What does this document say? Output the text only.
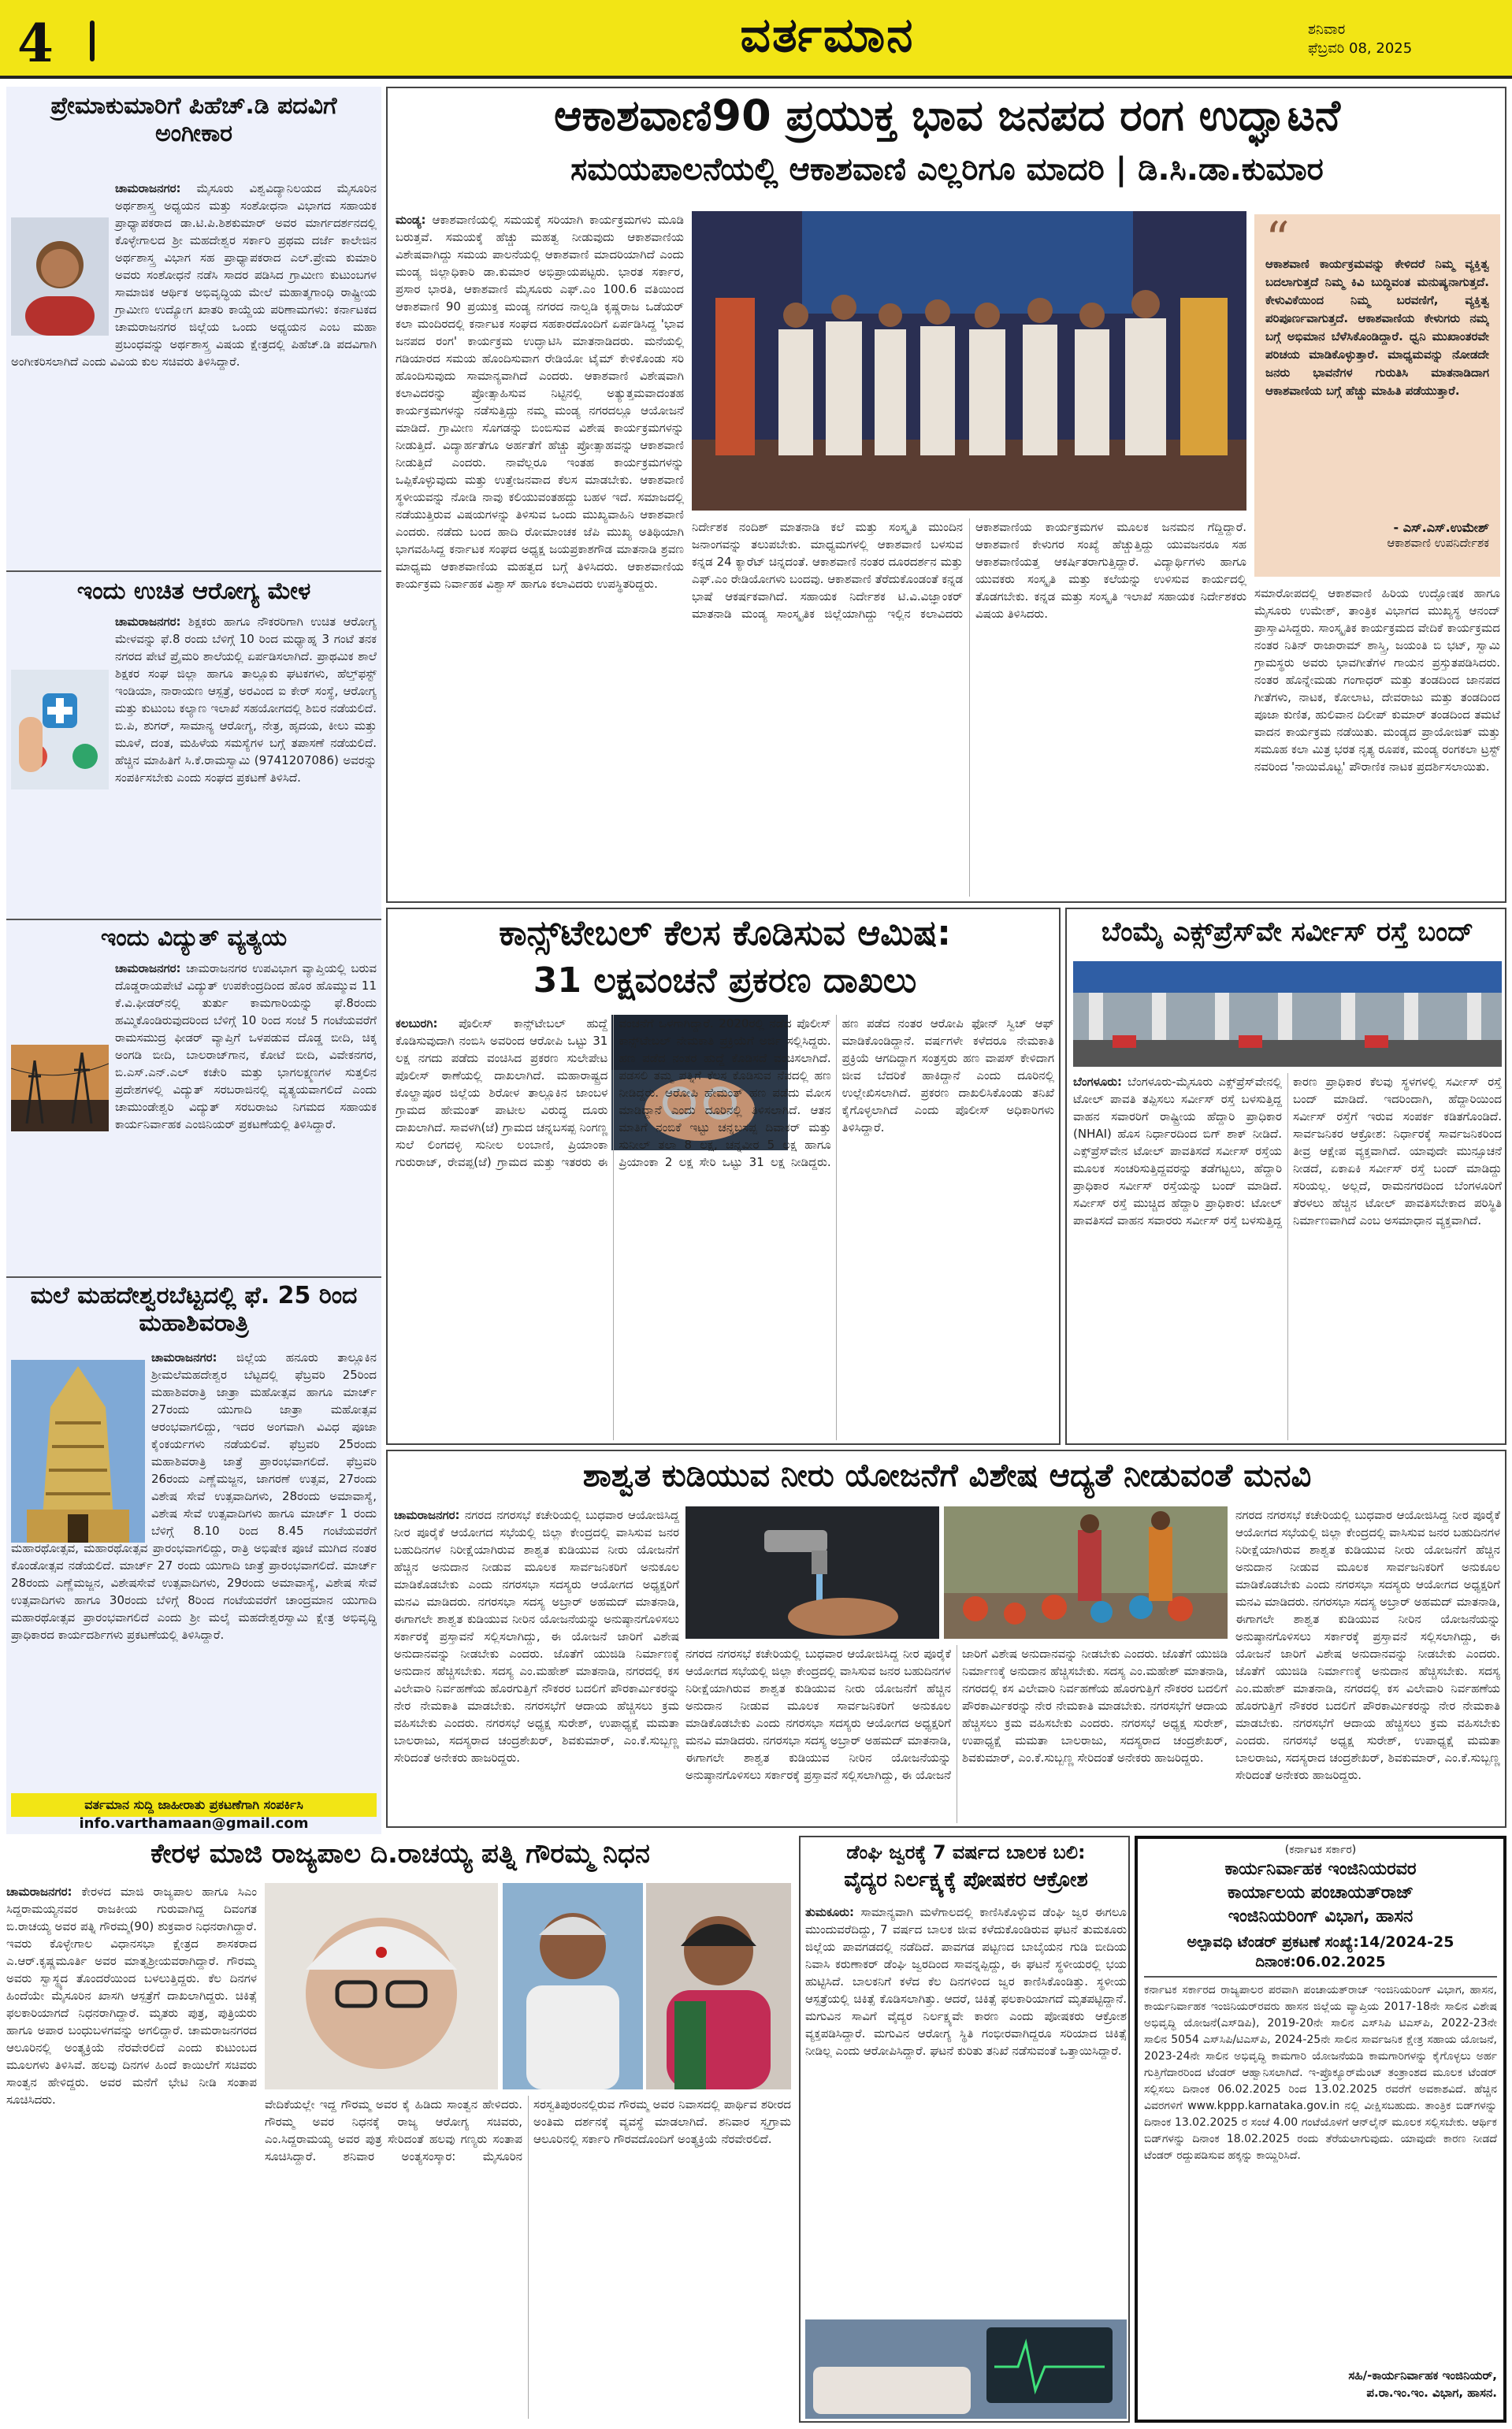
4	ವರ್ತಮಾನ	ಶನಿವಾರ
ಫೆಬ್ರವರಿ 08, 2025
ಪ್ರೇಮಾಕುಮಾರಿಗೆ ಪಿಹೆಚ್.ಡಿ ಪದವಿಗೆ ಅಂಗೀಕಾರ
ಚಾಮರಾಜನಗರ: ಮೈಸೂರು ವಿಶ್ವವಿದ್ಯಾನಿಲಯದ ಮೈಸೂರಿನ ಅರ್ಥಶಾಸ್ತ್ರ ಅಧ್ಯಯನ ಮತ್ತು ಸಂಶೋಧನಾ ವಿಭಾಗದ ಸಹಾಯಕ ಪ್ರಾಧ್ಯಾಪಕರಾದ ಡಾ.ಟಿ.ಪಿ.ಶಿಶಕುಮಾರ್ ಅವರ ಮಾರ್ಗದರ್ಶನದಲ್ಲಿ ಕೊಳ್ಳೇಗಾಲದ ಶ್ರೀ ಮಹದೇಶ್ವರ ಸರ್ಕಾರಿ ಪ್ರಥಮ ದರ್ಜೆ ಕಾಲೇಜಿನ ಅರ್ಥಶಾಸ್ತ್ರ ವಿಭಾಗ ಸಹ ಪ್ರಾಧ್ಯಾಪಕರಾದ ಎಲ್.ಪ್ರೇಮ ಕುಮಾರಿ ಅವರು ಸಂಶೋಧನೆ ನಡೆಸಿ ಸಾದರ ಪಡಿಸಿದ ಗ್ರಾಮೀಣ ಕುಟುಂಬಗಳ ಸಾಮಾಜಿಕ ಆರ್ಥಿಕ ಅಭಿವೃದ್ಧಿಯ ಮೇಲೆ ಮಹಾತ್ಮಗಾಂಧಿ ರಾಷ್ಟ್ರೀಯ ಗ್ರಾಮೀಣ ಉದ್ಯೋಗ ಖಾತರಿ ಕಾಯ್ದೆಯ ಪರಿಣಾಮಗಳು: ಕರ್ನಾಟಕದ ಚಾಮರಾಜನಗರ ಜಿಲ್ಲೆಯ ಒಂದು ಅಧ್ಯಯನ ಎಂಬ ಮಹಾ ಪ್ರಬಂಧವನ್ನು ಅರ್ಥಶಾಸ್ತ್ರ ವಿಷಯ ಕ್ಷೇತ್ರದಲ್ಲಿ ಪಿಹೆಚ್.ಡಿ ಪದವಿಗಾಗಿ ಅಂಗೀಕರಿಸಲಾಗಿದೆ ಎಂದು ವಿವಿಯ ಕುಲ ಸಚಿವರು ತಿಳಿಸಿದ್ದಾರೆ.
ಇಂದು ಉಚಿತ ಆರೋಗ್ಯ ಮೇಳ
ಚಾಮರಾಜನಗರ: ಶಿಕ್ಷಕರು ಹಾಗೂ ನೌಕರರಿಗಾಗಿ ಉಚಿತ ಆರೋಗ್ಯ ಮೇಳವನ್ನು ಫೆ.8 ರಂದು ಬೆಳಿಗ್ಗೆ 10 ರಿಂದ ಮಧ್ಯಾಹ್ನ 3 ಗಂಟೆ ತನಕ ನಗರದ ಪೇಟೆ ಪ್ರೈಮರಿ ಶಾಲೆಯಲ್ಲಿ ಏರ್ಪಡಿಸಲಾಗಿದೆ. ಪ್ರಾಥಮಿಕ ಶಾಲೆ ಶಿಕ್ಷಕರ ಸಂಘ ಜಿಲ್ಲಾ ಹಾಗೂ ತಾಲ್ಲೂಕು ಘಟಕಗಳು, ಹೆಲ್ತ್‌ಫಸ್ಟ್ ಇಂಡಿಯಾ, ನಾರಾಯಣ ಆಸ್ಪತ್ರೆ, ಅರವಿಂದ ಐ ಕೇರ್ ಸಂಸ್ಥೆ, ಆರೋಗ್ಯ ಮತ್ತು ಕುಟುಂಬ ಕಲ್ಯಾಣ ಇಲಾಖೆ ಸಹಯೋಗದಲ್ಲಿ ಶಿಬಿರ ನಡೆಯಲಿದೆ. ಬಿ.ಪಿ, ಶುಗರ್, ಸಾಮಾನ್ಯ ಆರೋಗ್ಯ, ನೇತ್ರ, ಹೃದಯ, ಕೀಲು ಮತ್ತು ಮೂಳೆ, ದಂತ, ಮಹಿಳೆಯ ಸಮಸ್ಯೆಗಳ ಬಗ್ಗೆ ತಪಾಸಣೆ ನಡೆಯಲಿದೆ. ಹೆಚ್ಚಿನ ಮಾಹಿತಿಗೆ ಸಿ.ಕೆ.ರಾಮಸ್ವಾಮಿ (9741207086) ಅವರನ್ನು ಸಂಪರ್ಕಿಸಬೇಕು ಎಂದು ಸಂಘದ ಪ್ರಕಟಣೆ ತಿಳಿಸಿದೆ.
ಇಂದು ವಿದ್ಯುತ್ ವ್ಯತ್ಯಯ
ಚಾಮರಾಜನಗರ: ಚಾಮರಾಜನಗರ ಉಪವಿಭಾಗ ವ್ಯಾಪ್ತಿಯಲ್ಲಿ ಬರುವ ದೊಡ್ಡರಾಯಪೇಟೆ ವಿದ್ಯುತ್ ಉಪಕೇಂದ್ರದಿಂದ ಹೊರ ಹೊಮ್ಮುವ 11 ಕೆ.ವಿ.ಫೀಡರ್‌ನಲ್ಲಿ ತುರ್ತು ಕಾಮಗಾರಿಯನ್ನು ಫೆ.8ರಂದು ಹಮ್ಮಿಕೊಂಡಿರುವುದರಿಂದ ಬೆಳಿಗ್ಗೆ 10 ರಿಂದ ಸಂಜೆ 5 ಗಂಟೆಯವರೆಗೆ ರಾಮಸಮುದ್ರ ಫೀಡರ್ ವ್ಯಾಪ್ತಿಗೆ ಒಳಪಡುವ ದೊಡ್ಡ ಬೀದಿ, ಚಿಕ್ಕ ಅಂಗಡಿ ಬೀದಿ, ಬಾಲರಾಜ್‌ಗಾನ, ಕೋಟೆ ಬೀದಿ, ವಿವೇಕನಗರ, ಬಿ.ಎಸ್.ಎನ್.ಎಲ್ ಕಚೇರಿ ಮತ್ತು ಭಾಗಲಕ್ಷ್ಮಣಗಳ ಸುತ್ತಲಿನ ಪ್ರದೇಶಗಳಲ್ಲಿ ವಿದ್ಯುತ್ ಸರಬರಾಜಿನಲ್ಲಿ ವ್ಯತ್ಯಯವಾಗಲಿದೆ ಎಂದು ಚಾಮುಂಡೇಶ್ವರಿ ವಿದ್ಯುತ್ ಸರಬರಾಜು ನಿಗಮದ ಸಹಾಯಕ ಕಾರ್ಯನಿರ್ವಾಹಕ ಎಂಜಿನಿಯರ್ ಪ್ರಕಟಣೆಯಲ್ಲಿ ತಿಳಿಸಿದ್ದಾರೆ.
ಮಲೆ ಮಹದೇಶ್ವರಬೆಟ್ಟದಲ್ಲಿ ಫೆ. 25 ರಿಂದ ಮಹಾಶಿವರಾತ್ರಿ
ಚಾಮರಾಜನಗರ: ಜಿಲ್ಲೆಯ ಹನೂರು ತಾಲ್ಲೂಕಿನ ಶ್ರೀಮಲೆಮಹದೇಶ್ವರ ಬೆಟ್ಟದಲ್ಲಿ ಫೆಬ್ರವರಿ 25ರಿಂದ ಮಹಾಶಿವರಾತ್ರಿ ಜಾತ್ರಾ ಮಹೋತ್ಸವ ಹಾಗೂ ಮಾರ್ಚ್ 27ರಂದು ಯುಗಾದಿ ಜಾತ್ರಾ ಮಹೋತ್ಸವ ಆರಂಭವಾಗಲಿದ್ದು, ಇದರ ಅಂಗವಾಗಿ ವಿವಿಧ ಪೂಜಾ ಕೈಂಕರ್ಯಗಳು ನಡೆಯಲಿವೆ. ಫೆಬ್ರವರಿ 25ರಂದು ಮಹಾಶಿವರಾತ್ರಿ ಜಾತ್ರೆ ಪ್ರಾರಂಭವಾಗಲಿದೆ. ಫೆಬ್ರವರಿ 26ರಂದು ಎಣ್ಣೆಮಜ್ಜನ, ಜಾಗರಣೆ ಉತ್ಸವ, 27ರಂದು ವಿಶೇಷ ಸೇವೆ ಉತ್ಸವಾದಿಗಳು, 28ರಂದು ಅಮಾವಾಸ್ಯೆ, ವಿಶೇಷ ಸೇವೆ ಉತ್ಸವಾದಿಗಳು ಹಾಗೂ ಮಾರ್ಚ್ 1 ರಂದು ಬೆಳಿಗ್ಗೆ 8.10 ರಿಂದ 8.45 ಗಂಟೆಯವರೆಗೆ ಮಹಾರಥೋತ್ಸವ, ಮಹಾರಥೋತ್ಸವ ಪ್ರಾರಂಭವಾಗಲಿದ್ದು, ರಾತ್ರಿ ಅಭಿಷೇಕ ಪೂಜೆ ಮುಗಿದ ನಂತರ ಕೊಂಡೋತ್ಸವ ನಡೆಯಲಿದೆ. ಮಾರ್ಚ್ 27 ರಂದು ಯುಗಾದಿ ಜಾತ್ರೆ ಪ್ರಾರಂಭವಾಗಲಿದೆ. ಮಾರ್ಚ್ 28ರಂದು ಎಣ್ಣೆಮಜ್ಜನ, ವಿಶೇಷಸೇವೆ ಉತ್ಸವಾದಿಗಳು, 29ರಂದು ಅಮಾವಾಸ್ಯೆ, ವಿಶೇಷ ಸೇವೆ ಉತ್ಸವಾದಿಗಳು ಹಾಗೂ 30ರಂದು ಬೆಳಿಗ್ಗೆ 8ರಿಂದ ಗಂಟೆಯವರೆಗೆ ಚಾಂದ್ರಮಾನ ಯುಗಾದಿ ಮಹಾರಥೋತ್ಸವ ಪ್ರಾರಂಭವಾಗಲಿದೆ ಎಂದು ಶ್ರೀ ಮಲೈ ಮಹದೇಶ್ವರಸ್ವಾಮಿ ಕ್ಷೇತ್ರ ಅಭಿವೃದ್ಧಿ ಪ್ರಾಧಿಕಾರದ ಕಾರ್ಯದರ್ಶಿಗಳು ಪ್ರಕಟಣೆಯಲ್ಲಿ ತಿಳಿಸಿದ್ದಾರೆ.
ವರ್ತಮಾನ ಸುದ್ದಿ ಜಾಹೀರಾತು ಪ್ರಕಟಣೆಗಾಗಿ ಸಂಪರ್ಕಿಸಿ
info.varthamaan@gmail.com
ಆಕಾಶವಾಣಿ90 ಪ್ರಯುಕ್ತ ಭಾವ ಜನಪದ ರಂಗ ಉದ್ಘಾಟನೆ
ಸಮಯಪಾಲನೆಯಲ್ಲಿ ಆಕಾಶವಾಣಿ ಎಲ್ಲರಿಗೂ ಮಾದರಿ | ಡಿ.ಸಿ.ಡಾ.ಕುಮಾರ
ಮಂಡ್ಯ: ಆಕಾಶವಾಣಿಯಲ್ಲಿ ಸಮಯಕ್ಕೆ ಸರಿಯಾಗಿ ಕಾರ್ಯಕ್ರಮಗಳು ಮೂಡಿ ಬರುತ್ತವೆ. ಸಮಯಕ್ಕೆ ಹೆಚ್ಚು ಮಹತ್ವ ನೀಡುವುದು ಆಕಾಶವಾಣಿಯ ವಿಶೇಷವಾಗಿದ್ದು ಸಮಯ ಪಾಲನೆಯಲ್ಲಿ ಆಕಾಶವಾಣಿ ಮಾದರಿಯಾಗಿದೆ ಎಂದು ಮಂಡ್ಯ ಜಿಲ್ಲಾಧಿಕಾರಿ ಡಾ.ಕುಮಾರ ಅಭಿಪ್ರಾಯಪಟ್ಟರು. ಭಾರತ ಸರ್ಕಾರ, ಪ್ರಸಾರ ಭಾರತಿ, ಆಕಾಶವಾಣಿ ಮೈಸೂರು ಎಫ್.ಎಂ 100.6 ವತಿಯಿಂದ ಆಕಾಶವಾಣಿ 90 ಪ್ರಯುಕ್ತ ಮಂಡ್ಯ ನಗರದ ನಾಲ್ವಡಿ ಕೃಷ್ಣರಾಜ ಒಡೆಯರ್ ಕಲಾ ಮಂದಿರದಲ್ಲಿ ಕರ್ನಾಟಕ ಸಂಘದ ಸಹಕಾರದೊಂದಿಗೆ ಏರ್ಪಡಿಸಿದ್ದ 'ಭಾವ ಜನಪದ ರಂಗ' ಕಾರ್ಯಕ್ರಮ ಉದ್ಘಾಟಿಸಿ ಮಾತನಾಡಿದರು. ಮನೆಯಲ್ಲಿ ಗಡಿಯಾರದ ಸಮಯ ಹೊಂದಿಸುವಾಗ ರೇಡಿಯೋ ಟೈಮ್ ಕೇಳಿಕೊಂಡು ಸರಿ ಹೊಂದಿಸುವುದು ಸಾಮಾನ್ಯವಾಗಿದೆ ಎಂದರು. ಆಕಾಶವಾಣಿ ವಿಶೇಷವಾಗಿ ಕಲಾವಿದರನ್ನು ಪ್ರೋತ್ಸಾಹಿಸುವ ನಿಟ್ಟಿನಲ್ಲಿ ಅತ್ಯುತ್ತಮವಾದಂತಹ ಕಾರ್ಯಕ್ರಮಗಳನ್ನು ನಡೆಸುತ್ತಿದ್ದು ನಮ್ಮ ಮಂಡ್ಯ ನಗರದಲ್ಲೂ ಆಯೋಜನೆ ಮಾಡಿದೆ. ಗ್ರಾಮೀಣ ಸೊಗಡನ್ನು ಬಿಂಬಿಸುವ ವಿಶೇಷ ಕಾರ್ಯಕ್ರಮಗಳನ್ನು ನೀಡುತ್ತಿದೆ. ವಿದ್ಯಾರ್ಹತೆಗೂ ಅರ್ಹತೆಗೆ ಹೆಚ್ಚು ಪ್ರೋತ್ಸಾಹವನ್ನು ಆಕಾಶವಾಣಿ ನೀಡುತ್ತಿದೆ ಎಂದರು. ನಾವೆಲ್ಲರೂ ಇಂತಹ ಕಾರ್ಯಕ್ರಮಗಳನ್ನು ಒಪ್ಪಿಕೊಳ್ಳುವುದು ಮತ್ತು ಉತ್ತೇಜನವಾದ ಕೆಲಸ ಮಾಡಬೇಕು. ಆಕಾಶವಾಣಿ ಸ್ಥಳೀಯವನ್ನು ನೋಡಿ ನಾವು ಕಲಿಯುವಂತಹದ್ದು ಬಹಳ ಇದೆ. ಸಮಾಜದಲ್ಲಿ ನಡೆಯುತ್ತಿರುವ ವಿಷಯಗಳನ್ನು ತಿಳಿಸುವ ಒಂದು ಮುಖ್ಯವಾಹಿನಿ ಆಕಾಶವಾಣಿ ಎಂದರು. ನಡೆದು ಬಂದ ಹಾದಿ ರೋಮಾಂಚಕ ಜೆಪಿ ಮುಖ್ಯ ಅತಿಥಿಯಾಗಿ ಭಾಗವಹಿಸಿದ್ದ ಕರ್ನಾಟಕ ಸಂಘದ ಅಧ್ಯಕ್ಷ ಜಯಪ್ರಕಾಶಗೌಡ ಮಾತನಾಡಿ ಶ್ರವಣ ಮಾಧ್ಯಮ ಆಕಾಶವಾಣಿಯ ಮಹತ್ವದ ಬಗ್ಗೆ ತಿಳಿಸಿದರು. ಆಕಾಶವಾಣಿಯ ಕಾರ್ಯಕ್ರಮ ನಿರ್ವಾಹಕ ವಿಶ್ವಾಸ್ ಹಾಗೂ ಕಲಾವಿದರು ಉಪಸ್ಥಿತರಿದ್ದರು.
ನಿರ್ದೇಶಕ ನಂದಿಶ್ ಮಾತನಾಡಿ ಕಲೆ ಮತ್ತು ಸಂಸ್ಕೃತಿ ಮುಂದಿನ ಜನಾಂಗವನ್ನು ತಲುಪಬೇಕು. ಮಾಧ್ಯಮಗಳಲ್ಲಿ ಆಕಾಶವಾಣಿ ಬಳಸುವ ಕನ್ನಡ 24 ಕ್ಯಾರೆಟ್ ಚಿನ್ನದಂತೆ. ಆಕಾಶವಾಣಿ ನಂತರ ದೂರದರ್ಶನ ಮತ್ತು ಎಫ್.ಎಂ ರೇಡಿಯೋಗಳು ಬಂದವು. ಆಕಾಶವಾಣಿ ತೆರೆದುಕೊಂಡಂತೆ ಕನ್ನಡ ಭಾಷೆ ಆಕರ್ಷಕವಾಗಿದೆ. ಸಹಾಯಕ ನಿರ್ದೇಶಕ ಟಿ.ವಿ.ವಿಜ್ಞಾಂಕರ್ ಮಾತನಾಡಿ ಮಂಡ್ಯ ಸಾಂಸ್ಕೃತಿಕ ಜಿಲ್ಲೆಯಾಗಿದ್ದು ಇಲ್ಲಿನ ಕಲಾವಿದರು ಆಕಾಶವಾಣಿಯ ಕಾರ್ಯಕ್ರಮಗಳ ಮೂಲಕ ಜನಮನ ಗೆದ್ದಿದ್ದಾರೆ. ಆಕಾಶವಾಣಿ ಕೇಳುಗರ ಸಂಖ್ಯೆ ಹೆಚ್ಚುತ್ತಿದ್ದು ಯುವಜನರೂ ಸಹ ಆಕಾಶವಾಣಿಯತ್ತ ಆಕರ್ಷಿತರಾಗುತ್ತಿದ್ದಾರೆ. ವಿದ್ಯಾರ್ಥಿಗಳು ಹಾಗೂ ಯುವಕರು ಸಂಸ್ಕೃತಿ ಮತ್ತು ಕಲೆಯನ್ನು ಉಳಿಸುವ ಕಾರ್ಯದಲ್ಲಿ ತೊಡಗಬೇಕು. ಕನ್ನಡ ಮತ್ತು ಸಂಸ್ಕೃತಿ ಇಲಾಖೆ ಸಹಾಯಕ ನಿರ್ದೇಶಕರು ವಿಷಯ ತಿಳಿಸಿದರು.
“
ಆಕಾಶವಾಣಿ ಕಾರ್ಯಕ್ರಮವನ್ನು ಕೇಳಿದರೆ ನಿಮ್ಮ ವ್ಯಕ್ತಿತ್ವ ಬದಲಾಗುತ್ತದೆ ನಿಮ್ಮ ಕಿವಿ ಬುದ್ಧಿವಂತ ಮನುಷ್ಯನಾಗುತ್ತದೆ. ಕೇಳುವಿಕೆಯಿಂದ ನಿಮ್ಮ ಬರವಣಿಗೆ, ವ್ಯಕ್ತಿತ್ವ ಪರಿಪೂರ್ಣವಾಗುತ್ತದೆ. ಆಕಾಶವಾಣಿಯ ಕೇಳುಗರು ನಮ್ಮ ಬಗ್ಗೆ ಅಭಿಮಾನ ಬೆಳೆಸಿಕೊಂಡಿದ್ದಾರೆ. ಧ್ವನಿ ಮುಖಾಂತರವೇ ಪರಿಚಯ ಮಾಡಿಕೊಳ್ಳುತ್ತಾರೆ. ಮಾಧ್ಯಮವನ್ನು ನೋಡದೇ ಜನರು ಭಾವನೆಗಳ ಗುರುತಿಸಿ ಮಾತನಾಡಿದಾಗ ಆಕಾಶವಾಣಿಯ ಬಗ್ಗೆ ಹೆಚ್ಚು ಮಾಹಿತಿ ಪಡೆಯುತ್ತಾರೆ.
- ಎಸ್.ಎಸ್.ಉಮೇಶ್
ಆಕಾಶವಾಣಿ ಉಪನಿರ್ದೇಶಕ
ಸಮಾರೋಪದಲ್ಲಿ ಆಕಾಶವಾಣಿ ಹಿರಿಯ ಉದ್ಘೋಷಕ ಹಾಗೂ ಮೈಸೂರು ಉಮೇಶ್, ತಾಂತ್ರಿಕ ವಿಭಾಗದ ಮುಖ್ಯಸ್ಥ ಆನಂದ್ ಪ್ರಾಸ್ತಾವಿಸಿದ್ದರು. ಸಾಂಸ್ಕೃತಿಕ ಕಾರ್ಯಕ್ರಮದ ವೇದಿಕೆ ಕಾರ್ಯಕ್ರಮದ ನಂತರ ನಿತಿನ್ ರಾಜಾರಾಮ್ ಶಾಸ್ತ್ರಿ, ಜಯಂತಿ ಬಿ ಭಟ್, ಸ್ವಾಮಿ ಗ್ರಾಮಸ್ಥರು ಅವರು ಭಾವಗೀತೆಗಳ ಗಾಯನ ಪ್ರಸ್ತುತಪಡಿಸಿದರು. ನಂತರ ಹೊನ್ನೇಮಡು ಗಂಗಾಧರ್ ಮತ್ತು ತಂಡದಿಂದ ಜಾನಪದ ಗೀತೆಗಳು, ನಾಟಕ, ಕೋಲಾಟ, ದೇವರಾಜು ಮತ್ತು ತಂಡದಿಂದ ಪೂಜಾ ಕುಣಿತ, ಹುಲಿವಾನ ದಿಲೀಪ್ ಕುಮಾರ್ ತಂಡದಿಂದ ತಮಟೆ ವಾದನ ಕಾರ್ಯಕ್ರಮ ನಡೆಯಿತು. ಮಂಡ್ಯದ ಪ್ರಾಯೋಜಿತ್ ಮತ್ತು ಸಮೂಹ ಕಲಾ ಮಿತ್ರ ಭರತ ನೃತ್ಯ ರೂಪಕ, ಮಂಡ್ಯ ರಂಗಕಲಾ ಟ್ರಸ್ಟ್ ನವರಿಂದ 'ನಾಯಿಮೊಟ್ಟ' ಪೌರಾಣಿಕ ನಾಟಕ ಪ್ರದರ್ಶಿಸಲಾಯಿತು.
ಕಾನ್ಸ್‌ಟೇಬಲ್ ಕೆಲಸ ಕೊಡಿಸುವ ಆಮಿಷ:
31 ಲಕ್ಷವಂಚನೆ ಪ್ರಕರಣ ದಾಖಲು
ಕಲಬುರಗಿ: ಪೊಲೀಸ್ ಕಾನ್ಸ್‌ಟೇಬಲ್ ಹುದ್ದೆ ಕೊಡಿಸುವುದಾಗಿ ನಂಬಿಸಿ ಅವರಿಂದ ಆರೋಪಿ ಒಟ್ಟು 31 ಲಕ್ಷ ನಗದು ಪಡೆದು ವಂಚಿಸಿದ ಪ್ರಕರಣ ಸುಲೇಪೇಟ ಪೊಲೀಸ್ ಠಾಣೆಯಲ್ಲಿ ದಾಖಲಾಗಿದೆ. ಮಹಾರಾಷ್ಟ್ರದ ಕೊಲ್ಹಾಪೂರ ಜಿಲ್ಲೆಯ ಶಿರೋಳ ತಾಲ್ಲೂಕಿನ ಜಾಂಬಳ ಗ್ರಾಮದ ಹೇಮಂತ್ ಪಾಟೀಲ ವಿರುದ್ಧ ದೂರು ದಾಖಲಾಗಿದೆ. ಸಾವಳಗಿ(ಜೆ) ಗ್ರಾಮದ ಚನ್ನಬಸಪ್ಪ ನಿಂಗಣ್ಣ ಸುಲೆ ಲಿಂಗದಳ್ಳಿ ಸುನೀಲ ಲಂಬಾಣಿ, ಪ್ರಿಯಾಂಕಾ ಗುರುರಾಜ್, ರೇವಪ್ಪ(ಜೆ) ಗ್ರಾಮದ ಮತ್ತು ಇತರರು ಈ ವಂಚನೆಗೆ ಒಳಗಾಗಿದ್ದಾರೆ. 2020ರಲ್ಲಿ ನಡೆದ ಪೊಲೀಸ್ ಕಾನ್ಸ್‌ಟೇಬಲ್ ನೇಮಕಾತಿ ಪ್ರಕ್ರಿಯೆಗೆ ಅರ್ಜಿ ಸಲ್ಲಿಸಿದ್ದರು. ಹಣ ಪಡೆದ ನಂತರ ಹುದ್ದೆ ಕೊಡಿಸದೆ ವಂಚಿಸಲಾಗಿದೆ. ಪಡಸಲಿ ತಮ್ಮ ಪತ್ನಿಗೆ ಕೆಲಸ ಕೊಡಿಸುವ ನೆಪದಲ್ಲಿ ಹಣ ನೀಡಿದ್ದರು. ಆರೋಪಿ ಹೇಮಂತ್ ಹಣ ಪಡೆದು ಮೋಸ ಮಾಡಿದ್ದಾನೆ ಎಂದು ದೂರಿನಲ್ಲಿ ತಿಳಿಸಲಾಗಿದೆ. ಆತನ ಮಾತಿಗೆ ನಂಬಿಕೆ ಇಟ್ಟು ಚನ್ನಬಸಪ್ಪ ದಿವಾಕರ್ ಮತ್ತು ಸುನೀಲ್ ತಲಾ 8 ಲಕ್ಷ, ಚನ್ನವೀರ 5 ಲಕ್ಷ ಹಾಗೂ ಪ್ರಿಯಾಂಕಾ 2 ಲಕ್ಷ ಸೇರಿ ಒಟ್ಟು 31 ಲಕ್ಷ ನೀಡಿದ್ದರು. ಹಣ ಪಡೆದ ನಂತರ ಆರೋಪಿ ಫೋನ್ ಸ್ವಿಚ್ ಆಫ್ ಮಾಡಿಕೊಂಡಿದ್ದಾನೆ. ವರ್ಷಗಳೇ ಕಳೆದರೂ ನೇಮಕಾತಿ ಪ್ರಕ್ರಿಯೆ ಆಗದಿದ್ದಾಗ ಸಂತ್ರಸ್ತರು ಹಣ ವಾಪಸ್ ಕೇಳಿದಾಗ ಜೀವ ಬೆದರಿಕೆ ಹಾಕಿದ್ದಾನೆ ಎಂದು ದೂರಿನಲ್ಲಿ ಉಲ್ಲೇಖಿಸಲಾಗಿದೆ. ಪ್ರಕರಣ ದಾಖಲಿಸಿಕೊಂಡು ತನಿಖೆ ಕೈಗೊಳ್ಳಲಾಗಿದೆ ಎಂದು ಪೊಲೀಸ್ ಅಧಿಕಾರಿಗಳು ತಿಳಿಸಿದ್ದಾರೆ.
ಬೆಂಮೈ ಎಕ್ಸ್‌ಪ್ರೆಸ್‌ವೇ ಸರ್ವೀಸ್ ರಸ್ತೆ ಬಂದ್
ಬೆಂಗಳೂರು: ಬೆಂಗಳೂರು-ಮೈಸೂರು ಎಕ್ಸ್‌ಪ್ರೆಸ್‌ವೇನಲ್ಲಿ ಟೋಲ್ ಪಾವತಿ ತಪ್ಪಿಸಲು ಸರ್ವೀಸ್ ರಸ್ತೆ ಬಳಸುತ್ತಿದ್ದ ವಾಹನ ಸವಾರರಿಗೆ ರಾಷ್ಟ್ರೀಯ ಹೆದ್ದಾರಿ ಪ್ರಾಧಿಕಾರ (NHAI) ಹೊಸ ನಿರ್ಧಾರದಿಂದ ಬಿಗ್ ಶಾಕ್ ನೀಡಿದೆ. ಎಕ್ಸ್‌ಪ್ರೆಸ್‌ವೇನ ಟೋಲ್ ಪಾವತಿಸದೆ ಸರ್ವೀಸ್ ರಸ್ತೆಯ ಮೂಲಕ ಸಂಚರಿಸುತ್ತಿದ್ದವರನ್ನು ತಡೆಗಟ್ಟಲು, ಹೆದ್ದಾರಿ ಪ್ರಾಧಿಕಾರ ಸರ್ವೀಸ್ ರಸ್ತೆಯನ್ನು ಬಂದ್ ಮಾಡಿದೆ. ಸರ್ವೀಸ್ ರಸ್ತೆ ಮುಚ್ಚಿದ ಹೆದ್ದಾರಿ ಪ್ರಾಧಿಕಾರ: ಟೋಲ್ ಪಾವತಿಸದೆ ವಾಹನ ಸವಾರರು ಸರ್ವೀಸ್ ರಸ್ತೆ ಬಳಸುತ್ತಿದ್ದ ಕಾರಣ ಪ್ರಾಧಿಕಾರ ಕೆಲವು ಸ್ಥಳಗಳಲ್ಲಿ ಸರ್ವೀಸ್ ರಸ್ತೆ ಬಂದ್ ಮಾಡಿದೆ. ಇದರಿಂದಾಗಿ, ಹೆದ್ದಾರಿಯಿಂದ ಸರ್ವೀಸ್ ರಸ್ತೆಗೆ ಇರುವ ಸಂಪರ್ಕ ಕಡಿತಗೊಂಡಿದೆ. ಸಾರ್ವಜನಿಕರ ಆಕ್ರೋಶ: ನಿರ್ಧಾರಕ್ಕೆ ಸಾರ್ವಜನಿಕರಿಂದ ತೀವ್ರ ಆಕ್ಷೇಪ ವ್ಯಕ್ತವಾಗಿದೆ. ಯಾವುದೇ ಮುನ್ಸೂಚನೆ ನೀಡದೆ, ಏಕಾಏಕಿ ಸರ್ವೀಸ್ ರಸ್ತೆ ಬಂದ್ ಮಾಡಿದ್ದು ಸರಿಯಲ್ಲ. ಅಲ್ಲದೆ, ರಾಮನಗರದಿಂದ ಬೆಂಗಳೂರಿಗೆ ತೆರಳಲು ಹೆಚ್ಚಿನ ಟೋಲ್ ಪಾವತಿಸಬೇಕಾದ ಪರಿಸ್ಥಿತಿ ನಿರ್ಮಾಣವಾಗಿದೆ ಎಂಬ ಅಸಮಾಧಾನ ವ್ಯಕ್ತವಾಗಿದೆ.
ಶಾಶ್ವತ ಕುಡಿಯುವ ನೀರು ಯೋಜನೆಗೆ ವಿಶೇಷ ಆದ್ಯತೆ ನೀಡುವಂತೆ ಮನವಿ
ಚಾಮರಾಜನಗರ: ನಗರದ ನಗರಸಭೆ ಕಚೇರಿಯಲ್ಲಿ ಬುಧವಾರ ಆಯೋಜಿಸಿದ್ದ ನೀರ ಪೂರೈಕೆ ಆಯೋಗದ ಸಭೆಯಲ್ಲಿ ಜಿಲ್ಲಾ ಕೇಂದ್ರದಲ್ಲಿ ವಾಸಿಸುವ ಜನರ ಬಹುದಿನಗಳ ನಿರೀಕ್ಷೆಯಾಗಿರುವ ಶಾಶ್ವತ ಕುಡಿಯುವ ನೀರು ಯೋಜನೆಗೆ ಹೆಚ್ಚಿನ ಅನುದಾನ ನೀಡುವ ಮೂಲಕ ಸಾರ್ವಜನಿಕರಿಗೆ ಅನುಕೂಲ ಮಾಡಿಕೊಡಬೇಕು ಎಂದು ನಗರಸಭಾ ಸದಸ್ಯರು ಆಯೋಗದ ಅಧ್ಯಕ್ಷರಿಗೆ ಮನವಿ ಮಾಡಿದರು. ನಗರಸಭಾ ಸದಸ್ಯ ಅಬ್ರಾರ್ ಅಹಮದ್ ಮಾತನಾಡಿ, ಈಗಾಗಲೇ ಶಾಶ್ವತ ಕುಡಿಯುವ ನೀರಿನ ಯೋಜನೆಯನ್ನು ಅನುಷ್ಠಾನಗೊಳಿಸಲು ಸರ್ಕಾರಕ್ಕೆ ಪ್ರಸ್ತಾವನೆ ಸಲ್ಲಿಸಲಾಗಿದ್ದು, ಈ ಯೋಜನೆ ಜಾರಿಗೆ ವಿಶೇಷ ಅನುದಾನವನ್ನು ನೀಡಬೇಕು ಎಂದರು. ಜೊತೆಗೆ ಯುಜಿಡಿ ನಿರ್ಮಾಣಕ್ಕೆ ಅನುದಾನ ಹೆಚ್ಚಿಸಬೇಕು. ಸದಸ್ಯ ಎಂ.ಮಹೇಶ್ ಮಾತನಾಡಿ, ನಗರದಲ್ಲಿ ಕಸ ವಿಲೇವಾರಿ ನಿರ್ವಹಣೆಯ ಹೊರಗುತ್ತಿಗೆ ನೌಕರರ ಬದಲಿಗೆ ಪೌರಕಾರ್ಮಿಕರನ್ನು ನೇರ ನೇಮಕಾತಿ ಮಾಡಬೇಕು. ನಗರಸಭೆಗೆ ಆದಾಯ ಹೆಚ್ಚಿಸಲು ಕ್ರಮ ವಹಿಸಬೇಕು ಎಂದರು. ನಗರಸಭೆ ಅಧ್ಯಕ್ಷ ಸುರೇಶ್, ಉಪಾಧ್ಯಕ್ಷೆ ಮಮತಾ ಬಾಲರಾಜು, ಸದಸ್ಯರಾದ ಚಂದ್ರಶೇಖರ್, ಶಿವಕುಮಾರ್, ಎಂ.ಕೆ.ಸುಬ್ಬಣ್ಣ ಸೇರಿದಂತೆ ಅನೇಕರು ಹಾಜರಿದ್ದರು.
ನಗರದ ನಗರಸಭೆ ಕಚೇರಿಯಲ್ಲಿ ಬುಧವಾರ ಆಯೋಜಿಸಿದ್ದ ನೀರ ಪೂರೈಕೆ ಆಯೋಗದ ಸಭೆಯಲ್ಲಿ ಜಿಲ್ಲಾ ಕೇಂದ್ರದಲ್ಲಿ ವಾಸಿಸುವ ಜನರ ಬಹುದಿನಗಳ ನಿರೀಕ್ಷೆಯಾಗಿರುವ ಶಾಶ್ವತ ಕುಡಿಯುವ ನೀರು ಯೋಜನೆಗೆ ಹೆಚ್ಚಿನ ಅನುದಾನ ನೀಡುವ ಮೂಲಕ ಸಾರ್ವಜನಿಕರಿಗೆ ಅನುಕೂಲ ಮಾಡಿಕೊಡಬೇಕು ಎಂದು ನಗರಸಭಾ ಸದಸ್ಯರು ಆಯೋಗದ ಅಧ್ಯಕ್ಷರಿಗೆ ಮನವಿ ಮಾಡಿದರು. ನಗರಸಭಾ ಸದಸ್ಯ ಅಬ್ರಾರ್ ಅಹಮದ್ ಮಾತನಾಡಿ, ಈಗಾಗಲೇ ಶಾಶ್ವತ ಕುಡಿಯುವ ನೀರಿನ ಯೋಜನೆಯನ್ನು ಅನುಷ್ಠಾನಗೊಳಿಸಲು ಸರ್ಕಾರಕ್ಕೆ ಪ್ರಸ್ತಾವನೆ ಸಲ್ಲಿಸಲಾಗಿದ್ದು, ಈ ಯೋಜನೆ ಜಾರಿಗೆ ವಿಶೇಷ ಅನುದಾನವನ್ನು ನೀಡಬೇಕು ಎಂದರು. ಜೊತೆಗೆ ಯುಜಿಡಿ ನಿರ್ಮಾಣಕ್ಕೆ ಅನುದಾನ ಹೆಚ್ಚಿಸಬೇಕು. ಸದಸ್ಯ ಎಂ.ಮಹೇಶ್ ಮಾತನಾಡಿ, ನಗರದಲ್ಲಿ ಕಸ ವಿಲೇವಾರಿ ನಿರ್ವಹಣೆಯ ಹೊರಗುತ್ತಿಗೆ ನೌಕರರ ಬದಲಿಗೆ ಪೌರಕಾರ್ಮಿಕರನ್ನು ನೇರ ನೇಮಕಾತಿ ಮಾಡಬೇಕು. ನಗರಸಭೆಗೆ ಆದಾಯ ಹೆಚ್ಚಿಸಲು ಕ್ರಮ ವಹಿಸಬೇಕು ಎಂದರು. ನಗರಸಭೆ ಅಧ್ಯಕ್ಷ ಸುರೇಶ್, ಉಪಾಧ್ಯಕ್ಷೆ ಮಮತಾ ಬಾಲರಾಜು, ಸದಸ್ಯರಾದ ಚಂದ್ರಶೇಖರ್, ಶಿವಕುಮಾರ್, ಎಂ.ಕೆ.ಸುಬ್ಬಣ್ಣ ಸೇರಿದಂತೆ ಅನೇಕರು ಹಾಜರಿದ್ದರು.
ನಗರದ ನಗರಸಭೆ ಕಚೇರಿಯಲ್ಲಿ ಬುಧವಾರ ಆಯೋಜಿಸಿದ್ದ ನೀರ ಪೂರೈಕೆ ಆಯೋಗದ ಸಭೆಯಲ್ಲಿ ಜಿಲ್ಲಾ ಕೇಂದ್ರದಲ್ಲಿ ವಾಸಿಸುವ ಜನರ ಬಹುದಿನಗಳ ನಿರೀಕ್ಷೆಯಾಗಿರುವ ಶಾಶ್ವತ ಕುಡಿಯುವ ನೀರು ಯೋಜನೆಗೆ ಹೆಚ್ಚಿನ ಅನುದಾನ ನೀಡುವ ಮೂಲಕ ಸಾರ್ವಜನಿಕರಿಗೆ ಅನುಕೂಲ ಮಾಡಿಕೊಡಬೇಕು ಎಂದು ನಗರಸಭಾ ಸದಸ್ಯರು ಆಯೋಗದ ಅಧ್ಯಕ್ಷರಿಗೆ ಮನವಿ ಮಾಡಿದರು. ನಗರಸಭಾ ಸದಸ್ಯ ಅಬ್ರಾರ್ ಅಹಮದ್ ಮಾತನಾಡಿ, ಈಗಾಗಲೇ ಶಾಶ್ವತ ಕುಡಿಯುವ ನೀರಿನ ಯೋಜನೆಯನ್ನು ಅನುಷ್ಠಾನಗೊಳಿಸಲು ಸರ್ಕಾರಕ್ಕೆ ಪ್ರಸ್ತಾವನೆ ಸಲ್ಲಿಸಲಾಗಿದ್ದು, ಈ ಯೋಜನೆ ಜಾರಿಗೆ ವಿಶೇಷ ಅನುದಾನವನ್ನು ನೀಡಬೇಕು ಎಂದರು. ಜೊತೆಗೆ ಯುಜಿಡಿ ನಿರ್ಮಾಣಕ್ಕೆ ಅನುದಾನ ಹೆಚ್ಚಿಸಬೇಕು. ಸದಸ್ಯ ಎಂ.ಮಹೇಶ್ ಮಾತನಾಡಿ, ನಗರದಲ್ಲಿ ಕಸ ವಿಲೇವಾರಿ ನಿರ್ವಹಣೆಯ ಹೊರಗುತ್ತಿಗೆ ನೌಕರರ ಬದಲಿಗೆ ಪೌರಕಾರ್ಮಿಕರನ್ನು ನೇರ ನೇಮಕಾತಿ ಮಾಡಬೇಕು. ನಗರಸಭೆಗೆ ಆದಾಯ ಹೆಚ್ಚಿಸಲು ಕ್ರಮ ವಹಿಸಬೇಕು ಎಂದರು. ನಗರಸಭೆ ಅಧ್ಯಕ್ಷ ಸುರೇಶ್, ಉಪಾಧ್ಯಕ್ಷೆ ಮಮತಾ ಬಾಲರಾಜು, ಸದಸ್ಯರಾದ ಚಂದ್ರಶೇಖರ್, ಶಿವಕುಮಾರ್, ಎಂ.ಕೆ.ಸುಬ್ಬಣ್ಣ ಸೇರಿದಂತೆ ಅನೇಕರು ಹಾಜರಿದ್ದರು.
ಕೇರಳ ಮಾಜಿ ರಾಜ್ಯಪಾಲ ದಿ.ರಾಚಯ್ಯ ಪತ್ನಿ ಗೌರಮ್ಮ ನಿಧನ
ಚಾಮರಾಜನಗರ: ಕೇರಳದ ಮಾಜಿ ರಾಜ್ಯಪಾಲ ಹಾಗೂ ಸಿಎಂ ಸಿದ್ದರಾಮಯ್ಯನವರ ರಾಜಕೀಯ ಗುರುವಾಗಿದ್ದ ದಿವಂಗತ ಬಿ.ರಾಚಯ್ಯ ಅವರ ಪತ್ನಿ ಗೌರಮ್ಮ(90) ಶುಕ್ರವಾರ ನಿಧನರಾಗಿದ್ದಾರೆ. ಇವರು ಕೊಳ್ಳೇಗಾಲ ವಿಧಾನಸಭಾ ಕ್ಷೇತ್ರದ ಶಾಸಕರಾದ ಎ.ಆರ್.ಕೃಷ್ಣಮೂರ್ತಿ ಅವರ ಮಾತೃಶ್ರೀಯವರಾಗಿದ್ದಾರೆ. ಗೌರಮ್ಮ ಅವರು ಸ್ವಾಸ್ಥ್ಯದ ತೊಂದರೆಯಿಂದ ಬಳಲುತ್ತಿದ್ದರು. ಕೆಲ ದಿನಗಳ ಹಿಂದೆಯೇ ಮೈಸೂರಿನ ಖಾಸಗಿ ಆಸ್ಪತ್ರೆಗೆ ದಾಖಲಾಗಿದ್ದರು. ಚಿಕಿತ್ಸೆ ಫಲಕಾರಿಯಾಗದೆ ನಿಧನರಾಗಿದ್ದಾರೆ. ಮೃತರು ಪುತ್ರ, ಪುತ್ರಿಯರು ಹಾಗೂ ಅಪಾರ ಬಂಧುಬಳಗವನ್ನು ಅಗಲಿದ್ದಾರೆ. ಚಾಮರಾಜನಗರದ ಆಲೂರಿನಲ್ಲಿ ಅಂತ್ಯಕ್ರಿಯೆ ನೆರವೇರಲಿದೆ ಎಂದು ಕುಟುಂಬದ ಮೂಲಗಳು ತಿಳಿಸಿವೆ. ಹಲವು ದಿನಗಳ ಹಿಂದೆ ಕಾಯಿಲೆಗೆ ಸಚಿವರು ಸಾಂತ್ವನ ಹೇಳಿದ್ದರು. ಅವರ ಮನೆಗೆ ಭೇಟಿ ನೀಡಿ ಸಂತಾಪ ಸೂಚಿಸಿದರು.	ವೇದಿಕೆಯಲ್ಲೇ ಇದ್ದ ಗೌರಮ್ಮ ಅವರ ಕೈ ಹಿಡಿದು ಸಾಂತ್ವನ ಹೇಳಿದರು. ಗೌರಮ್ಮ ಅವರ ನಿಧನಕ್ಕೆ ರಾಜ್ಯ ಆರೋಗ್ಯ ಸಚಿವರು, ಎಂ.ಸಿದ್ದರಾಮಯ್ಯ ಅವರ ಪುತ್ರ ಸೇರಿದಂತೆ ಹಲವು ಗಣ್ಯರು ಸಂತಾಪ ಸೂಚಿಸಿದ್ದಾರೆ. ಶನಿವಾರ ಅಂತ್ಯಸಂಸ್ಕಾರ: ಮೈಸೂರಿನ ಸರಸ್ವತಿಪುರಂನಲ್ಲಿರುವ ಗೌರಮ್ಮ ಅವರ ನಿವಾಸದಲ್ಲಿ ಪಾರ್ಥಿವ ಶರೀರದ ಅಂತಿಮ ದರ್ಶನಕ್ಕೆ ವ್ಯವಸ್ಥೆ ಮಾಡಲಾಗಿದೆ. ಶನಿವಾರ ಸ್ವಗ್ರಾಮ ಆಲೂರಿನಲ್ಲಿ ಸರ್ಕಾರಿ ಗೌರವದೊಂದಿಗೆ ಅಂತ್ಯಕ್ರಿಯೆ ನೆರವೇರಲಿದೆ.
ಡೆಂಘಿ ಜ್ವರಕ್ಕೆ 7 ವರ್ಷದ ಬಾಲಕ ಬಲಿ:
ವೈದ್ಯರ ನಿರ್ಲಕ್ಷ್ಯಕ್ಕೆ ಪೋಷಕರ ಆಕ್ರೋಶ
ತುಮಕೂರು: ಸಾಮಾನ್ಯವಾಗಿ ಮಳೆಗಾಲದಲ್ಲಿ ಕಾಣಿಸಿಕೊಳ್ಳುವ ಡೆಂಘಿ ಜ್ವರ ಈಗಲೂ ಮುಂದುವರೆದಿದ್ದು, 7 ವರ್ಷದ ಬಾಲಕ ಜೀವ ಕಳೆದುಕೊಂಡಿರುವ ಘಟನೆ ತುಮಕೂರು ಜಿಲ್ಲೆಯ ಪಾವಗಡದಲ್ಲಿ ನಡೆದಿದೆ. ಪಾವಗಡ ಪಟ್ಟಣದ ಬಾಬೈಯನ ಗುಡಿ ಬೀದಿಯ ನಿವಾಸಿ ಕರುಣಾಕರ್ ಡೆಂಘಿ ಜ್ವರದಿಂದ ಸಾವನ್ನಪ್ಪಿದ್ದು, ಈ ಘಟನೆ ಸ್ಥಳೀಯರಲ್ಲಿ ಭಯ ಹುಟ್ಟಿಸಿದೆ. ಬಾಲಕನಿಗೆ ಕಳೆದ ಕೆಲ ದಿನಗಳಿಂದ ಜ್ವರ ಕಾಣಿಸಿಕೊಂಡಿತ್ತು. ಸ್ಥಳೀಯ ಆಸ್ಪತ್ರೆಯಲ್ಲಿ ಚಿಕಿತ್ಸೆ ಕೊಡಿಸಲಾಗಿತ್ತು. ಆದರೆ, ಚಿಕಿತ್ಸೆ ಫಲಕಾರಿಯಾಗದೆ ಮೃತಪಟ್ಟಿದ್ದಾನೆ. ಮಗುವಿನ ಸಾವಿಗೆ ವೈದ್ಯರ ನಿರ್ಲಕ್ಷ್ಯವೇ ಕಾರಣ ಎಂದು ಪೋಷಕರು ಆಕ್ರೋಶ ವ್ಯಕ್ತಪಡಿಸಿದ್ದಾರೆ. ಮಗುವಿನ ಆರೋಗ್ಯ ಸ್ಥಿತಿ ಗಂಭೀರವಾಗಿದ್ದರೂ ಸರಿಯಾದ ಚಿಕಿತ್ಸೆ ನೀಡಿಲ್ಲ ಎಂದು ಆರೋಪಿಸಿದ್ದಾರೆ. ಘಟನೆ ಕುರಿತು ತನಿಖೆ ನಡೆಸುವಂತೆ ಒತ್ತಾಯಿಸಿದ್ದಾರೆ.
(ಕರ್ನಾಟಕ ಸರ್ಕಾರ)
ಕಾರ್ಯನಿರ್ವಾಹಕ ಇಂಜಿನಿಯರವರ
ಕಾರ್ಯಾಲಯ ಪಂಚಾಯತ್‌ರಾಜ್
ಇಂಜಿನಿಯರಿಂಗ್ ವಿಭಾಗ, ಹಾಸನ
ಅಲ್ಪಾವಧಿ ಟೆಂಡರ್ ಪ್ರಕಟಣೆ ಸಂಖ್ಯೆ:14/2024-25
ದಿನಾಂಕ:06.02.2025
ಕರ್ನಾಟಕ ಸರ್ಕಾರದ ರಾಜ್ಯಪಾಲರ ಪರವಾಗಿ ಪಂಚಾಯತ್‌ರಾಜ್ ಇಂಜಿನಿಯರಿಂಗ್ ವಿಭಾಗ, ಹಾಸನ, ಕಾರ್ಯನಿರ್ವಾಹಕ ಇಂಜಿನಿಯರ್‌ರವರು ಹಾಸನ ಜಿಲ್ಲೆಯ ವ್ಯಾಪ್ತಿಯ 2017-18ನೇ ಸಾಲಿನ ವಿಶೇಷ ಅಭಿವೃದ್ಧಿ ಯೋಜನೆ(ಎಸ್‌ಡಿಪಿ), 2019-20ನೇ ಸಾಲಿನ ಎಸ್‌ಸಿಪಿ ಟಿಎಸ್‌ಪಿ, 2022-23ನೇ ಸಾಲಿನ 5054 ಎಸ್‌ಸಿಪಿ/ಟಿಎಸ್‌ಪಿ, 2024-25ನೇ ಸಾಲಿನ ಸಾರ್ವಜನಿಕ ಕ್ಷೇತ್ರ ಸಹಾಯ ಯೋಜನೆ, 2023-24ನೇ ಸಾಲಿನ ಅಭಿವೃದ್ಧಿ ಕಾಮಗಾರಿ ಯೋಜನೆಯಡಿ ಕಾಮಗಾರಿಗಳನ್ನು ಕೈಗೊಳ್ಳಲು ಅರ್ಹ ಗುತ್ತಿಗೆದಾರರಿಂದ ಟೆಂಡರ್ ಆಹ್ವಾನಿಸಲಾಗಿದೆ. ಇ-ಪ್ರೊಕ್ಯೂರ್‌ಮೆಂಟ್ ತಂತ್ರಾಂಶದ ಮೂಲಕ ಟೆಂಡರ್ ಸಲ್ಲಿಸಲು ದಿನಾಂಕ 06.02.2025 ರಿಂದ 13.02.2025 ರವರೆಗೆ ಅವಕಾಶವಿದೆ. ಹೆಚ್ಚಿನ ವಿವರಗಳಿಗೆ www.kppp.karnataka.gov.in ನಲ್ಲಿ ವೀಕ್ಷಿಸಬಹುದು. ತಾಂತ್ರಿಕ ಬಿಡ್‌ಗಳನ್ನು ದಿನಾಂಕ 13.02.2025 ರ ಸಂಜೆ 4.00 ಗಂಟೆಯೊಳಗೆ ಆನ್‌ಲೈನ್ ಮೂಲಕ ಸಲ್ಲಿಸಬೇಕು. ಆರ್ಥಿಕ ಬಿಡ್‌ಗಳನ್ನು ದಿನಾಂಕ 18.02.2025 ರಂದು ತೆರೆಯಲಾಗುವುದು. ಯಾವುದೇ ಕಾರಣ ನೀಡದೆ ಟೆಂಡರ್ ರದ್ದುಪಡಿಸುವ ಹಕ್ಕನ್ನು ಕಾಯ್ದಿರಿಸಿದೆ.
ಸಹಿ/-ಕಾರ್ಯನಿರ್ವಾಹಕ ಇಂಜಿನಿಯರ್,
ಪ.ರಾ.ಇಂ.ಇಂ. ವಿಭಾಗ, ಹಾಸನ.
